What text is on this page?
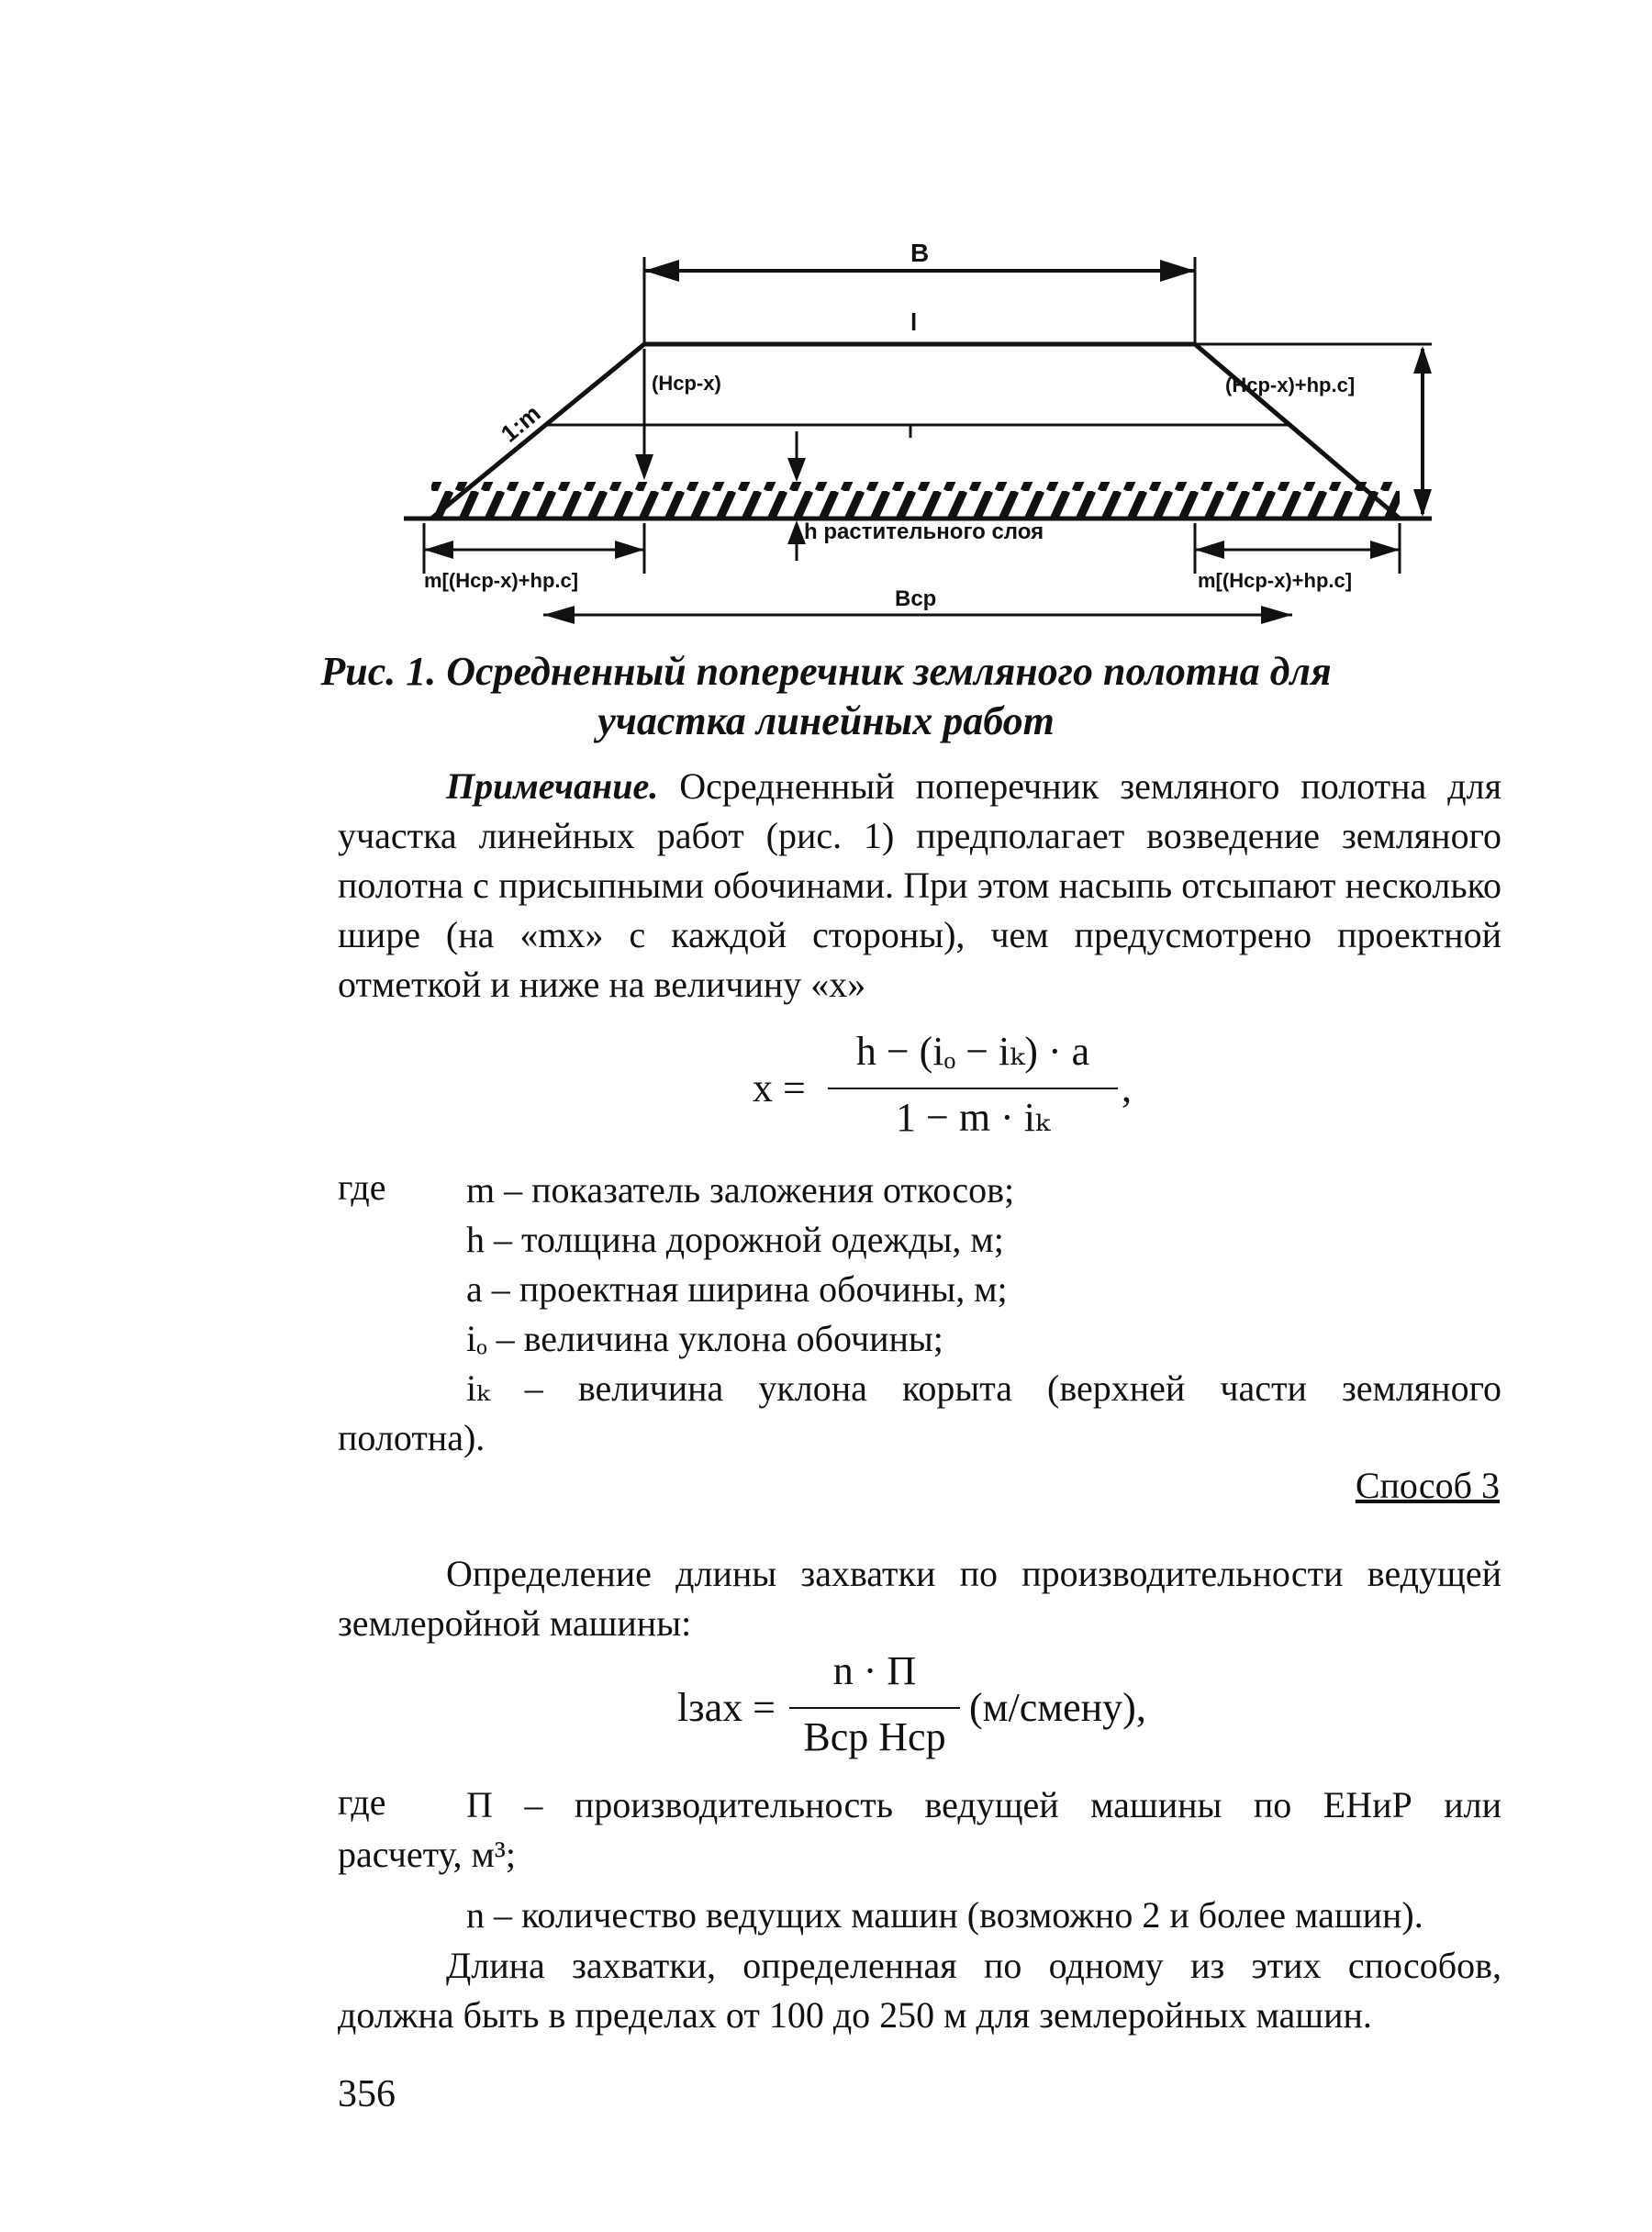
B
l
(Hср-x)
1:m
(Hср-x)+hр.с]
h растительного слоя
m[(Hср-x)+hр.с]	m[(Hср-x)+hр.с]
Bср
Рис. 1. Осредненный поперечник земляного полотна для
участка линейных работ
Примечание. Осредненный поперечник земляного полотна для участка линейных работ (рис. 1) предполагает возведение земляного полотна с присыпными обочинами. При этом насыпь отсыпают несколько шире (на «mx» с каждой стороны), чем предусмотрено проектной отметкой и ниже на величину «x»
x =
h − (iₒ − iₖ) · a
1 − m · iₖ
,
где m – показатель заложения откосов;
h – толщина дорожной одежды, м;
a – проектная ширина обочины, м;
iₒ – величина уклона обочины;
iₖ – величина уклона корыта (верхней части земляного
полотна).
Способ 3
Определение длины захватки по производительности ведущей землеройной машины:
lзах =
n · П
Bср Hср
(м/смену),
где П – производительность ведущей машины по ЕНиР или
расчету, м³;
n – количество ведущих машин (возможно 2 и более машин).
Длина захватки, определенная по одному из этих способов, должна быть в пределах от 100 до 250 м для землеройных машин.
356
